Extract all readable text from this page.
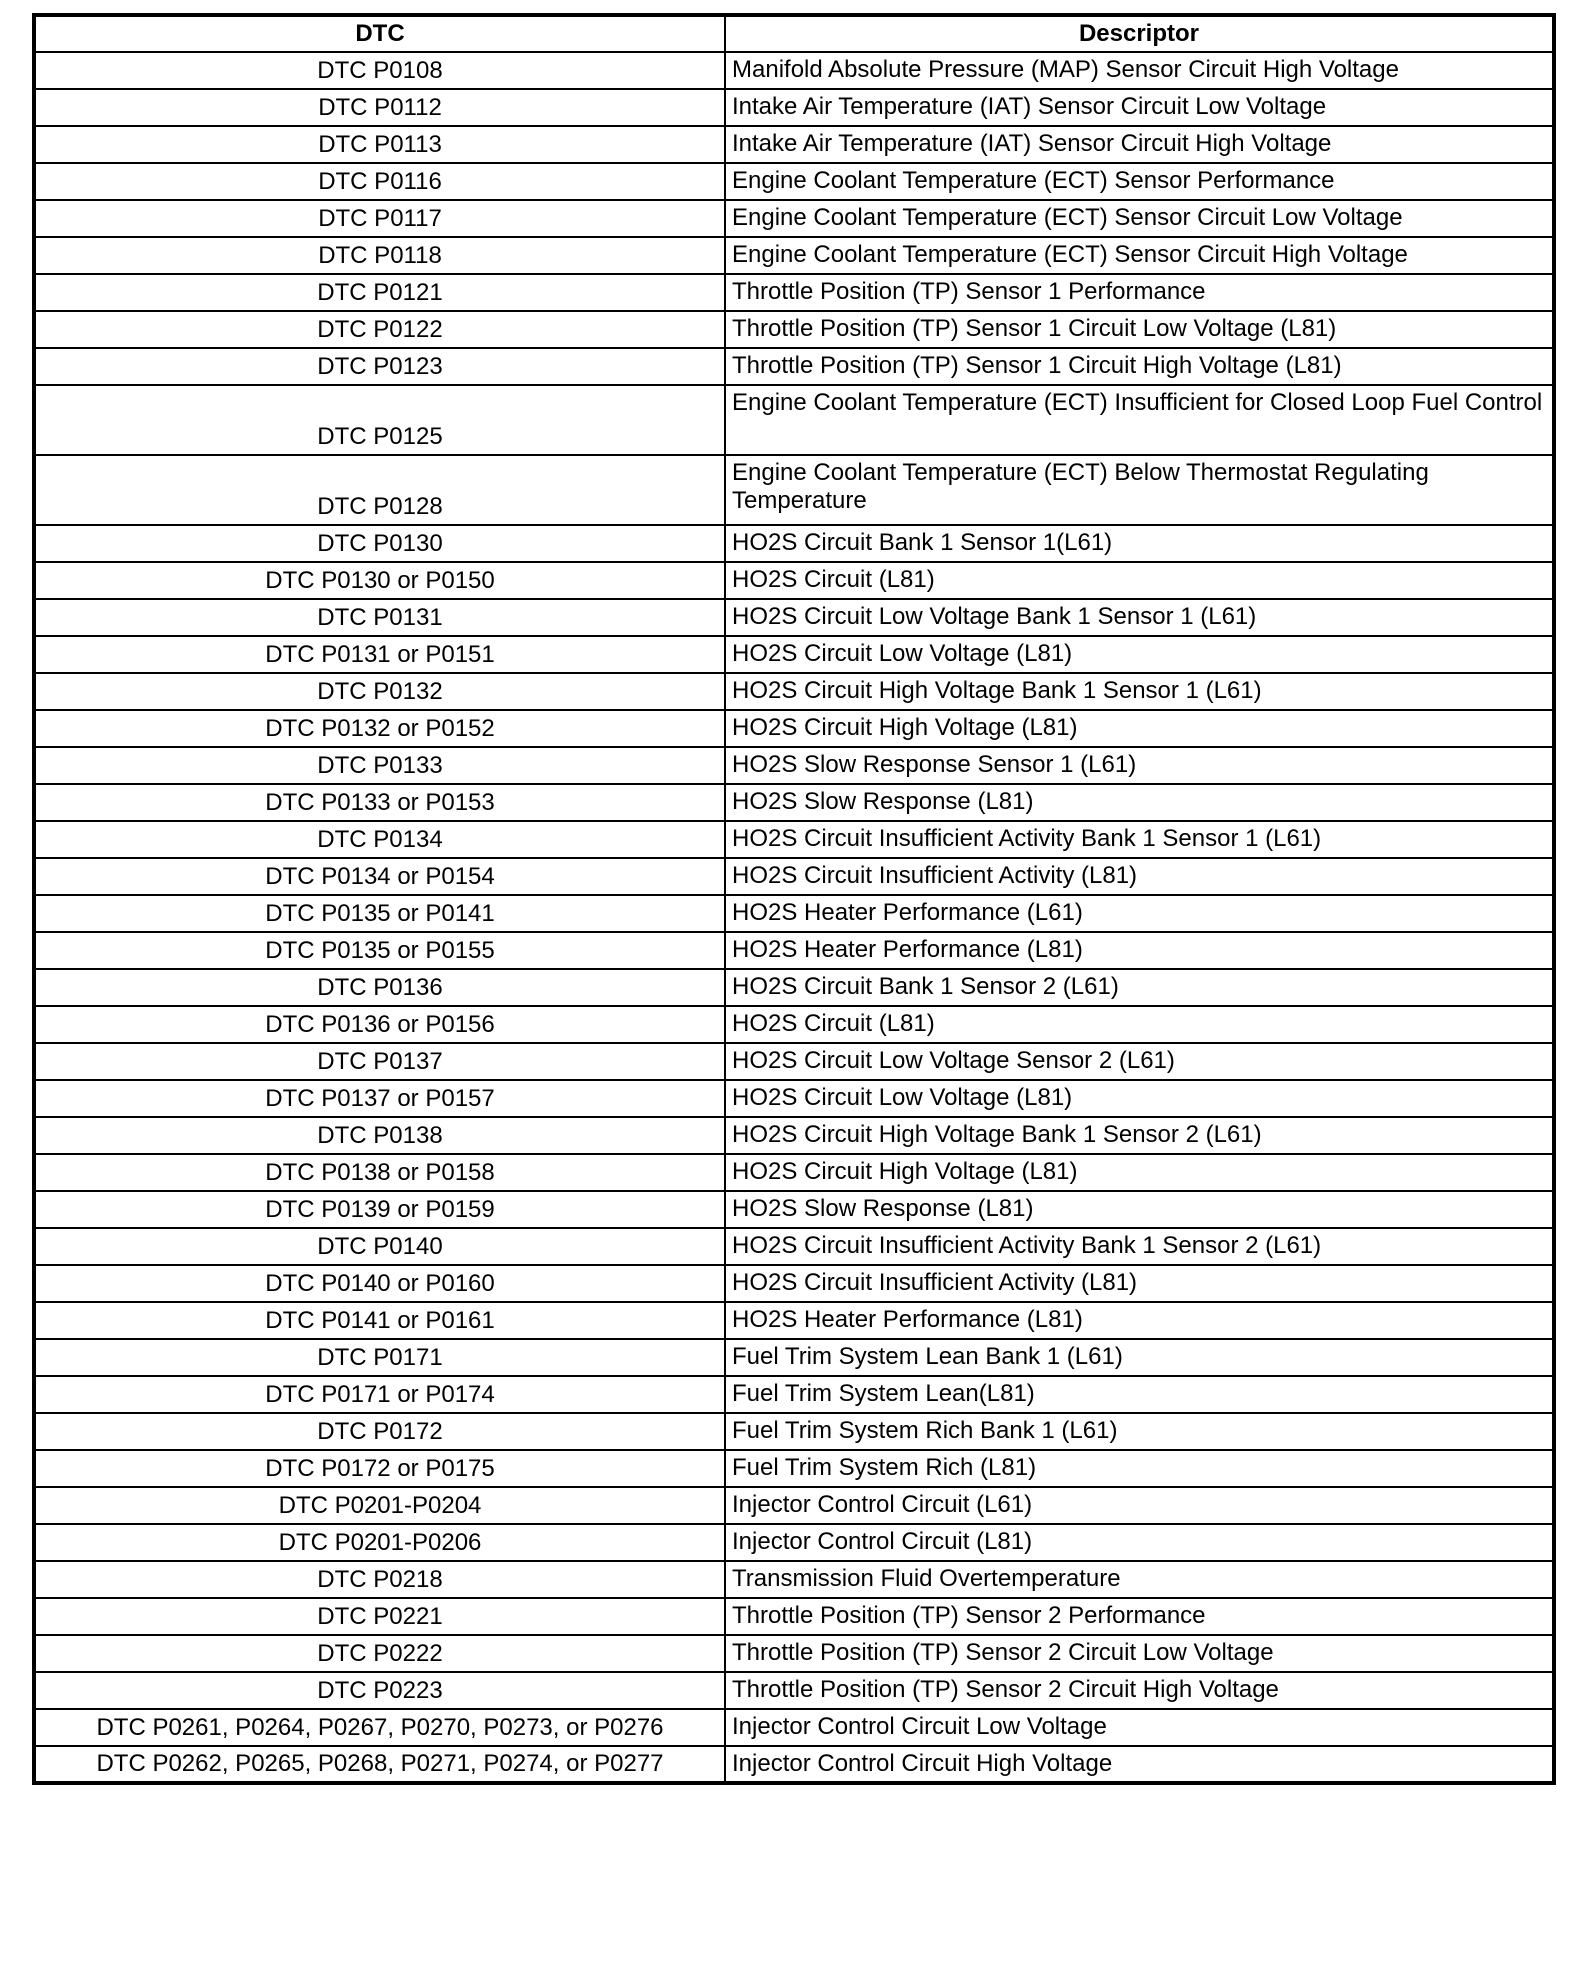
DTC	Descriptor
DTC P0108	Manifold Absolute Pressure (MAP) Sensor Circuit High Voltage
DTC P0112	Intake Air Temperature (IAT) Sensor Circuit Low Voltage
DTC P0113	Intake Air Temperature (IAT) Sensor Circuit High Voltage
DTC P0116	Engine Coolant Temperature (ECT) Sensor Performance
DTC P0117	Engine Coolant Temperature (ECT) Sensor Circuit Low Voltage
DTC P0118	Engine Coolant Temperature (ECT) Sensor Circuit High Voltage
DTC P0121	Throttle Position (TP) Sensor 1 Performance
DTC P0122	Throttle Position (TP) Sensor 1 Circuit Low Voltage (L81)
DTC P0123	Throttle Position (TP) Sensor 1 Circuit High Voltage (L81)
DTC P0125	Engine Coolant Temperature (ECT) Insufficient for Closed Loop Fuel Control
DTC P0128	Engine Coolant Temperature (ECT) Below Thermostat Regulating Temperature
DTC P0130	HO2S Circuit Bank 1 Sensor 1(L61)
DTC P0130 or P0150	HO2S Circuit (L81)
DTC P0131	HO2S Circuit Low Voltage Bank 1 Sensor 1 (L61)
DTC P0131 or P0151	HO2S Circuit Low Voltage (L81)
DTC P0132	HO2S Circuit High Voltage Bank 1 Sensor 1 (L61)
DTC P0132 or P0152	HO2S Circuit High Voltage (L81)
DTC P0133	HO2S Slow Response Sensor 1 (L61)
DTC P0133 or P0153	HO2S Slow Response (L81)
DTC P0134	HO2S Circuit Insufficient Activity Bank 1 Sensor 1 (L61)
DTC P0134 or P0154	HO2S Circuit Insufficient Activity (L81)
DTC P0135 or P0141	HO2S Heater Performance (L61)
DTC P0135 or P0155	HO2S Heater Performance (L81)
DTC P0136	HO2S Circuit Bank 1 Sensor 2 (L61)
DTC P0136 or P0156	HO2S Circuit (L81)
DTC P0137	HO2S Circuit Low Voltage Sensor 2 (L61)
DTC P0137 or P0157	HO2S Circuit Low Voltage (L81)
DTC P0138	HO2S Circuit High Voltage Bank 1 Sensor 2 (L61)
DTC P0138 or P0158	HO2S Circuit High Voltage (L81)
DTC P0139 or P0159	HO2S Slow Response (L81)
DTC P0140	HO2S Circuit Insufficient Activity Bank 1 Sensor 2 (L61)
DTC P0140 or P0160	HO2S Circuit Insufficient Activity (L81)
DTC P0141 or P0161	HO2S Heater Performance (L81)
DTC P0171	Fuel Trim System Lean Bank 1 (L61)
DTC P0171 or P0174	Fuel Trim System Lean(L81)
DTC P0172	Fuel Trim System Rich Bank 1 (L61)
DTC P0172 or P0175	Fuel Trim System Rich (L81)
DTC P0201-P0204	Injector Control Circuit (L61)
DTC P0201-P0206	Injector Control Circuit (L81)
DTC P0218	Transmission Fluid Overtemperature
DTC P0221	Throttle Position (TP) Sensor 2 Performance
DTC P0222	Throttle Position (TP) Sensor 2 Circuit Low Voltage
DTC P0223	Throttle Position (TP) Sensor 2 Circuit High Voltage
DTC P0261, P0264, P0267, P0270, P0273, or P0276	Injector Control Circuit Low Voltage
DTC P0262, P0265, P0268, P0271, P0274, or P0277	Injector Control Circuit High Voltage
